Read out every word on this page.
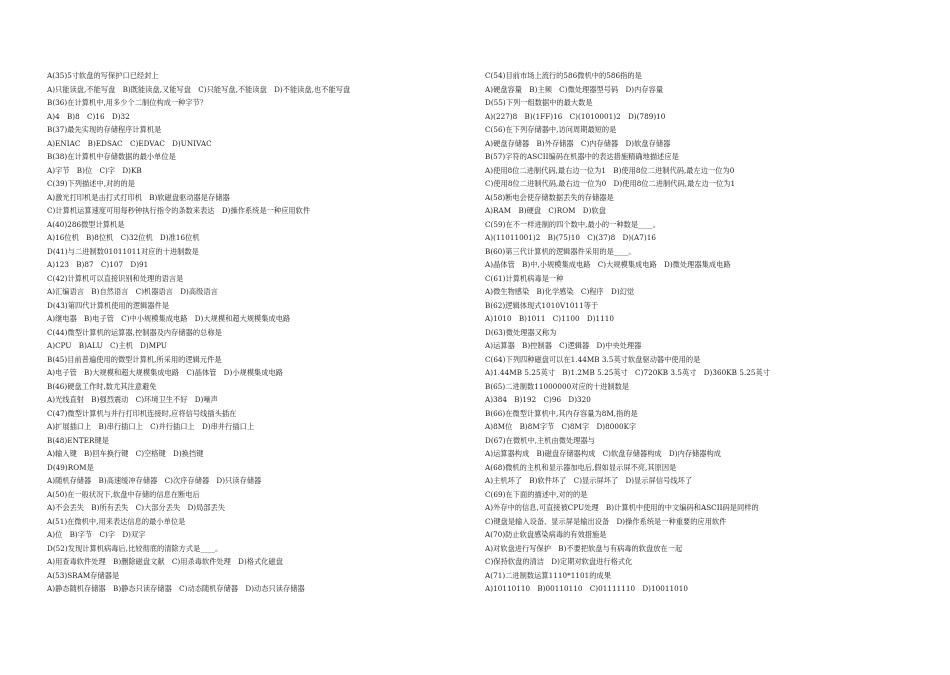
A(35)5寸软盘的写保护口已经封上
A)只能读盘,不能写盘　B)既能读盘,又能写盘　C)只能写盘,不能读盘　D)不能读盘,也不能写盘
B(36)在计算机中,用多少个二制位构成一种字节？
A)4　B)8　C)16　D)32
B(37)最先实现的存储程序计算机是
A)ENIAC　B)EDSAC　C)EDVAC　D)UNIVAC
B(38)在计算机中存储数据的最小单位是
A)字节　B)位　C)字　D)KB
C(39)下列描述中,对的的是
A)激光打印机是击打式打印机　B)软磁盘驱动器是存储器
C)计算机运算速度可用每秒钟执行指令的条数来表达　D)操作系统是一种应用软件
A(40)286微型计算机是
A)16位机　B)8位机　C)32位机　D)准16位机
D(41)与二进制数01011011对应的十进制数是
A)123　B)87　C)107　D)91
C(42)计算机可以直接识别和处理的语言是
A)汇编语言　B)自然语言　C)机器语言　D)高级语言
D(43)第四代计算机使用的逻辑器件是
A)继电器　B)电子管　C)中小规模集成电路　D)大规模和超大规模集成电路
C(44)微型计算机的运算器,控制器及内存储器的总称是
A)CPU　B)ALU　C)主机　D)MPU
B(45)目前普遍使用的微型计算机,所采用的逻辑元件是
A)电子管　B)大规模和超大规模集成电路　C)晶体管　D)小规模集成电路
B(46)硬盘工作时,数尤其注意避免
A)光线直射　B)强烈震动　C)环境卫生不好　D)噪声
C(47)微型计算机与并行打印机连接时,应将信号线插头插在
A)扩展插口上　B)串行插口上　C)并行插口上　D)串并行插口上
B(48)ENTER键是
A)输入键　B)回车换行键　C)空格键　D)换挡键
D(49)ROM是
A)随机存储器　B)高速缓冲存储器　C)次序存储器　D)只读存储器
A(50)在一般状况下,软盘中存储的信息在断电后
A)不会丢失　B)所有丢失　C)大部分丢失　D)局部丢失
A(51)在微机中,用来表达信息的最小单位是
A)位　B)字节　C)字　D)双字
D(52)发现计算机病毒后,比较彻底的清除方式是____。
A)用查毒软件处理　B)删除磁盘文献　C)用杀毒软件处理　D)格式化磁盘
A(53)SRAM存储器是
A)静态随机存储器　B)静态只读存储器　C)动态随机存储器　D)动态只读存储器
C(54)目前市场上流行的586微机中的586指的是
A)硬盘容量　B)主频　C)微处理器型号码　D)内存容量
D(55)下列一组数据中的最大数是
A)(227)8　B)(1FF)16　C)(1010001)2　D)(789)10
C(56)在下列存储器中,访问周期最短的是
A)硬盘存储器　B)外存储器　C)内存储器　D)软盘存储器
B(57)字符的ASCII编码在机器中的表达措施精确地描述应是
A)使用8位二进制代码,最右边一位为1　B)使用8位二进制代码,最左边一位为0
C)使用8位二进制代码,最右边一位为0　D)使用8位二进制代码,最左边一位为1
A(58)断电会使存储数据丢失的存储器是
A)RAM　B)硬盘　C)ROM　D)软盘
C(59)在不一样进制的四个数中,最小的一种数是____。
A)(11011001)2　B)(75)10　C)(37)8　D)(A7)16
B(60)第三代计算机的逻辑器件采用的是____。
A)晶体管　B)中,小规模集成电路　C)大规模集成电路　D)微处理器集成电路
C(61)计算机病毒是一种
A)微生物感染　B)化学感染　C)程序　D)幻觉
B(62)逻辑体现式1010V1011等于
A)1010　B)1011　C)1100　D)1110
D(63)微处理器又称为
A)运算器　B)控制器　C)逻辑器　D)中央处理器
C(64)下列四种磁盘可以在1.44MB 3.5英寸软盘驱动器中使用的是
A)1.44MB 5.25英寸　B)1.2MB 5.25英寸　C)720KB 3.5英寸　D)360KB 5.25英寸
B(65)二进制数11000000对应的十进制数是
A)384　B)192　C)96　D)320
B(66)在微型计算机中,其内存容量为8M,指的是
A)8M位　B)8M字节　C)8M字　D)8000K字
D(67)在微机中,主机由微处理器与
A)运算器构成　B)磁盘存储器构成　C)软盘存储器构成　D)内存储器构成
A(68)微机的主机和显示器加电后,假如显示屏不亮,其原因是
A)主机坏了　B)软件坏了　C)显示屏坏了　D)显示屏信号线坏了
C(69)在下面的描述中,对的的是
A)外存中的信息,可直接被CPU处理　B)计算机中使用的中文编码和ASCII码是同样的
C)键盘是输入设备、显示屏是输出设备　D)操作系统是一种重要的应用软件
A(70)防止软盘感染病毒的有效措施是
A)对软盘进行写保护　B)不要把软盘与有病毒的软盘放在一起
C)保持软盘的清洁　D)定期对软盘进行格式化
A(71)二进制数运算1110*1101的成果
A)10110110　B)00110110　C)01111110　D)10011010
